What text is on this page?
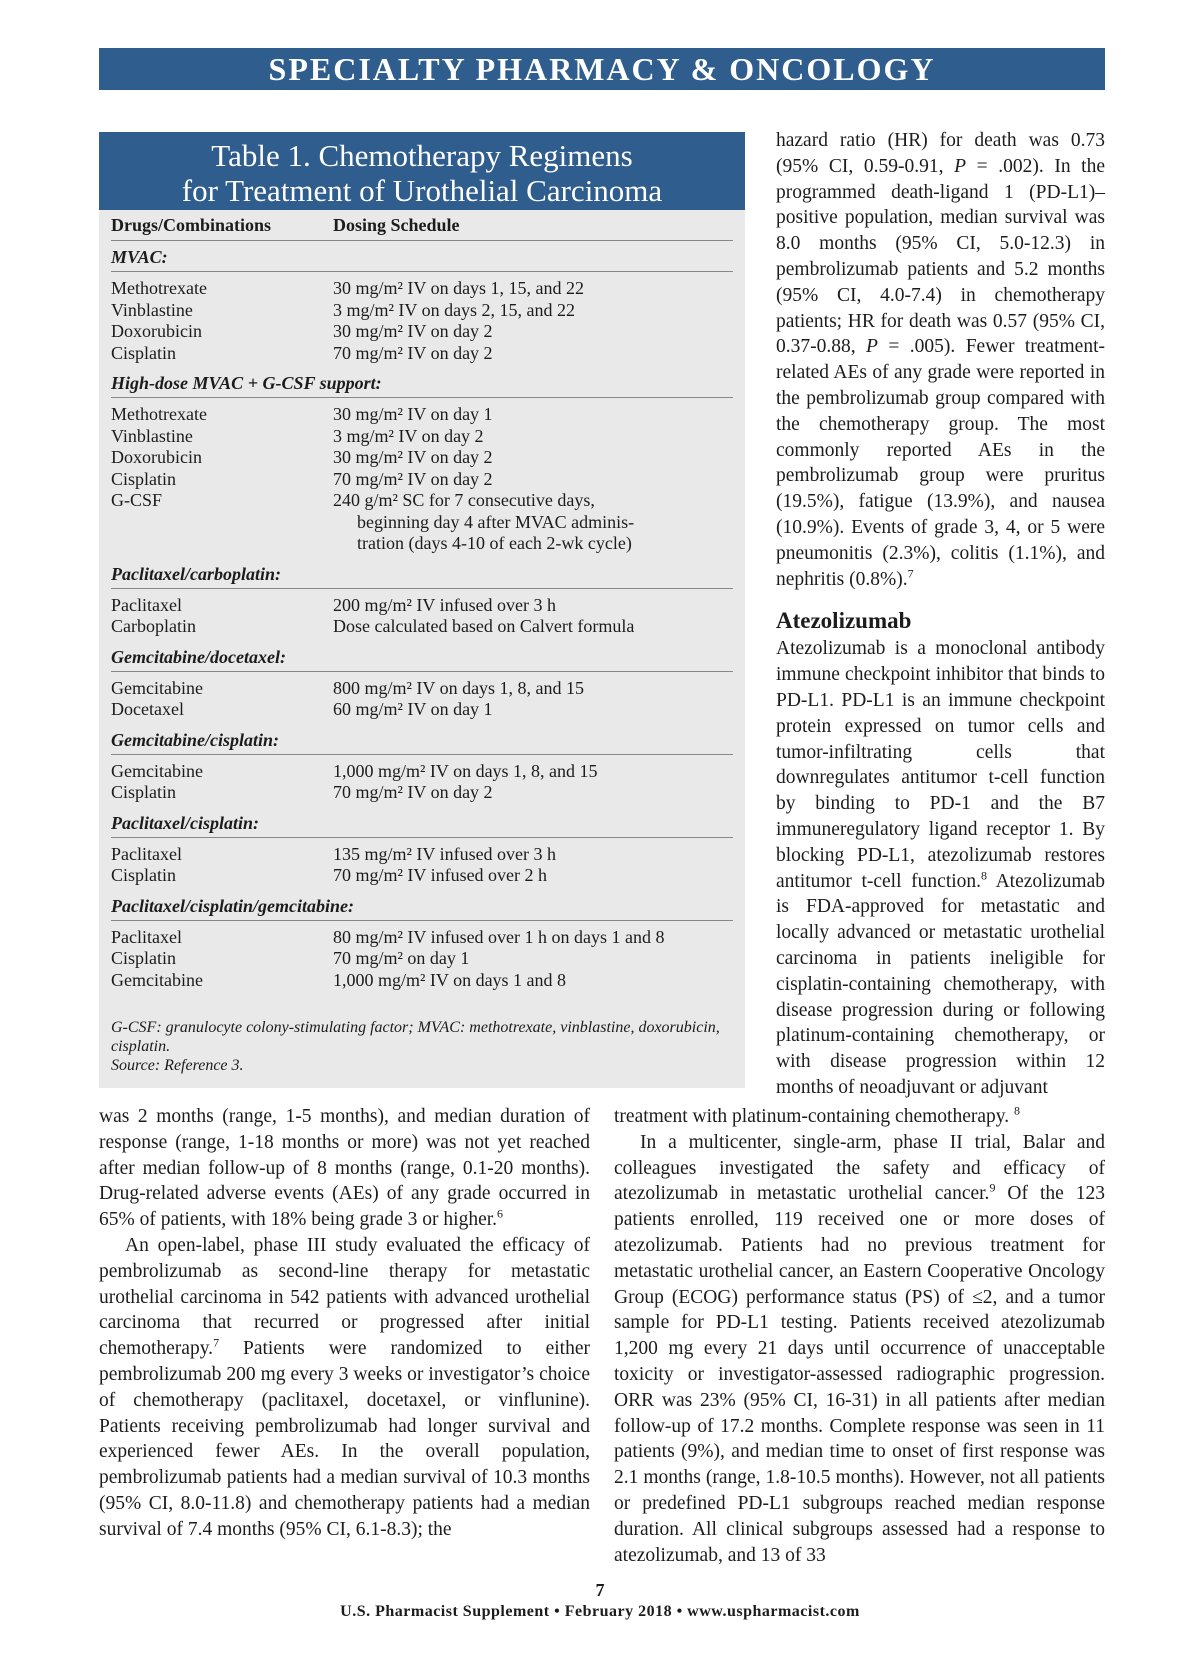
SPECIALTY PHARMACY & ONCOLOGY
Table 1. Chemotherapy Regimens
for Treatment of Urothelial Carcinoma
Drugs/Combinations	Dosing Schedule
MVAC:
Methotrexate	30 mg/m² IV on days 1, 15, and 22
Vinblastine	3 mg/m² IV on days 2, 15, and 22
Doxorubicin	30 mg/m² IV on day 2
Cisplatin	70 mg/m² IV on day 2
High-dose MVAC + G-CSF support:
Methotrexate	30 mg/m² IV on day 1
Vinblastine	3 mg/m² IV on day 2
Doxorubicin	30 mg/m² IV on day 2
Cisplatin	70 mg/m² IV on day 2
G-CSF	240 g/m² SC for 7 consecutive days,
beginning day 4 after MVAC adminis-
tration (days 4-10 of each 2-wk cycle)
Paclitaxel/carboplatin:
Paclitaxel	200 mg/m² IV infused over 3 h
Carboplatin	Dose calculated based on Calvert formula
Gemcitabine/docetaxel:
Gemcitabine	800 mg/m² IV on days 1, 8, and 15
Docetaxel	60 mg/m² IV on day 1
Gemcitabine/cisplatin:
Gemcitabine	1,000 mg/m² IV on days 1, 8, and 15
Cisplatin	70 mg/m² IV on day 2
Paclitaxel/cisplatin:
Paclitaxel	135 mg/m² IV infused over 3 h
Cisplatin	70 mg/m² IV infused over 2 h
Paclitaxel/cisplatin/gemcitabine:
Paclitaxel	80 mg/m² IV infused over 1 h on days 1 and 8
Cisplatin	70 mg/m² on day 1
Gemcitabine	1,000 mg/m² IV on days 1 and 8
G-CSF: granulocyte colony-stimulating factor; MVAC: methotrexate, vinblastine, doxorubicin, cisplatin.
Source: Reference 3.

hazard ratio (HR) for death was 0.73 (95% CI, 0.59-0.91, P = .002). In the programmed death-ligand 1 (PD-L1)–positive population, median survival was 8.0 months (95% CI, 5.0-12.3) in pembrolizumab patients and 5.2 months (95% CI, 4.0-7.4) in chemotherapy patients; HR for death was 0.57 (95% CI, 0.37-0.88, P = .005). Fewer treatment-related AEs of any grade were reported in the pembrolizumab group compared with the chemotherapy group. The most commonly reported AEs in the pembrolizumab group were pruritus (19.5%), fatigue (13.9%), and nausea (10.9%). Events of grade 3, 4, or 5 were pneumonitis (2.3%), colitis (1.1%), and nephritis (0.8%).$^7$

Atezolizumab

Atezolizumab is a monoclonal antibody immune checkpoint inhibitor that binds to PD-L1. PD-L1 is an immune checkpoint protein expressed on tumor cells and tumor-infiltrating cells that downregulates antitumor t-cell function by binding to PD-1 and the B7 immuneregulatory ligand receptor 1. By blocking PD-L1, atezolizumab restores antitumor t-cell function.$^8$ Atezolizumab is FDA-approved for metastatic and locally advanced or metastatic urothelial carcinoma in patients ineligible for cisplatin-containing chemotherapy, with disease progression during or following platinum-containing chemotherapy, or with disease progression within 12 months of neoadjuvant or adjuvant

was 2 months (range, 1-5 months), and median duration of response (range, 1-18 months or more) was not yet reached after median follow-up of 8 months (range, 0.1-20 months). Drug-related adverse events (AEs) of any grade occurred in 65% of patients, with 18% being grade 3 or higher.$^6$

An open-label, phase III study evaluated the efficacy of pembrolizumab as second-line therapy for metastatic urothelial carcinoma in 542 patients with advanced urothelial carcinoma that recurred or progressed after initial chemotherapy.$^7$ Patients were randomized to either pembrolizumab 200 mg every 3 weeks or investigator’s choice of chemotherapy (paclitaxel, docetaxel, or vinflunine). Patients receiving pembrolizumab had longer survival and experienced fewer AEs. In the overall population, pembrolizumab patients had a median survival of 10.3 months (95% CI, 8.0-11.8) and chemotherapy patients had a median survival of 7.4 months (95% CI, 6.1-8.3); the

treatment with platinum-containing chemotherapy. $^8$

In a multicenter, single-arm, phase II trial, Balar and colleagues investigated the safety and efficacy of atezolizumab in metastatic urothelial cancer.$^9$ Of the 123 patients enrolled, 119 received one or more doses of atezolizumab. Patients had no previous treatment for metastatic urothelial cancer, an Eastern Cooperative Oncology Group (ECOG) performance status (PS) of ≤2, and a tumor sample for PD-L1 testing. Patients received atezolizumab 1,200 mg every 21 days until occurrence of unacceptable toxicity or investigator-assessed radiographic progression. ORR was 23% (95% CI, 16-31) in all patients after median follow-up of 17.2 months. Complete response was seen in 11 patients (9%), and median time to onset of first response was 2.1 months (range, 1.8-10.5 months). However, not all patients or predefined PD-L1 subgroups reached median response duration. All clinical subgroups assessed had a response to atezolizumab, and 13 of 33

7
U.S. Pharmacist Supplement • February 2018 • www.uspharmacist.com
